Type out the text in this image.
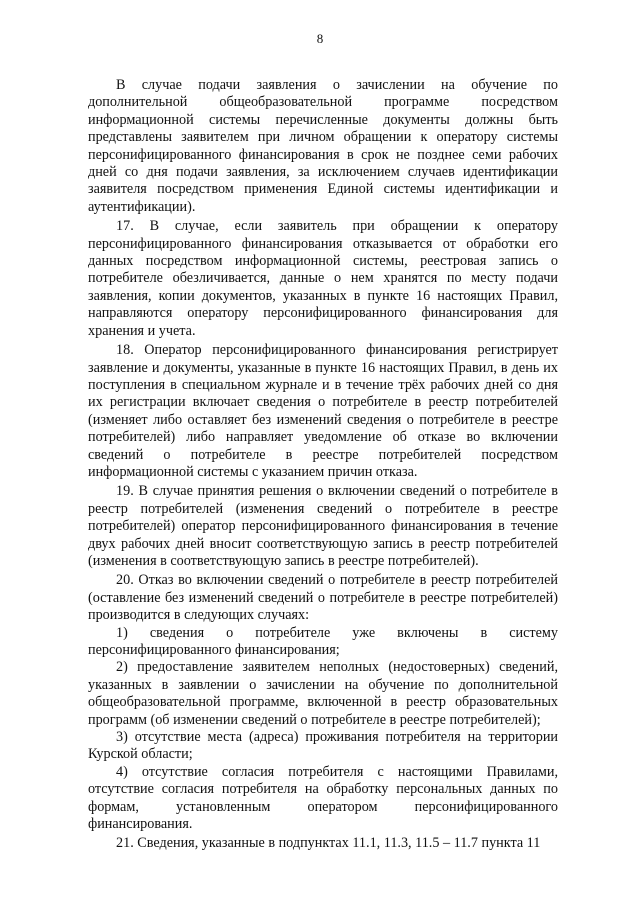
8

В случае подачи заявления о зачислении на обучение по дополнительной общеобразовательной программе посредством информационной системы перечисленные документы должны быть представлены заявителем при личном обращении к оператору системы персонифицированного финансирования в срок не позднее семи рабочих дней со дня подачи заявления, за исключением случаев идентификации заявителя посредством применения Единой системы идентификации и аутентификации).

17. В случае, если заявитель при обращении к оператору персонифицированного финансирования отказывается от обработки его данных посредством информационной системы, реестровая запись о потребителе обезличивается, данные о нем хранятся по месту подачи заявления, копии документов, указанных в пункте 16 настоящих Правил, направляются оператору персонифицированного финансирования для хранения и учета.

18. Оператор персонифицированного финансирования регистрирует заявление и документы, указанные в пункте 16 настоящих Правил, в день их поступления в специальном журнале и в течение трёх рабочих дней со дня их регистрации включает сведения о потребителе в реестр потребителей (изменяет либо оставляет без изменений сведения о потребителе в реестре потребителей) либо направляет уведомление об отказе во включении сведений о потребителе в реестре потребителей посредством информационной системы с указанием причин отказа.

19. В случае принятия решения о включении сведений о потребителе в реестр потребителей (изменения сведений о потребителе в реестре потребителей) оператор персонифицированного финансирования в течение двух рабочих дней вносит соответствующую запись в реестр потребителей (изменения в соответствующую запись в реестре потребителей).

20. Отказ во включении сведений о потребителе в реестр потребителей (оставление без изменений сведений о потребителе в реестре потребителей) производится в следующих случаях:

1) сведения о потребителе уже включены в систему персонифицированного финансирования;

2) предоставление заявителем неполных (недостоверных) сведений, указанных в заявлении о зачислении на обучение по дополнительной общеобразовательной программе, включенной в реестр образовательных программ (об изменении сведений о потребителе в реестре потребителей);

3) отсутствие места (адреса) проживания потребителя на территории Курской области;

4) отсутствие согласия потребителя с настоящими Правилами, отсутствие согласия потребителя на обработку персональных данных по формам, установленным оператором персонифицированного финансирования.

21. Сведения, указанные в подпунктах 11.1, 11.3, 11.5 – 11.7 пункта 11
